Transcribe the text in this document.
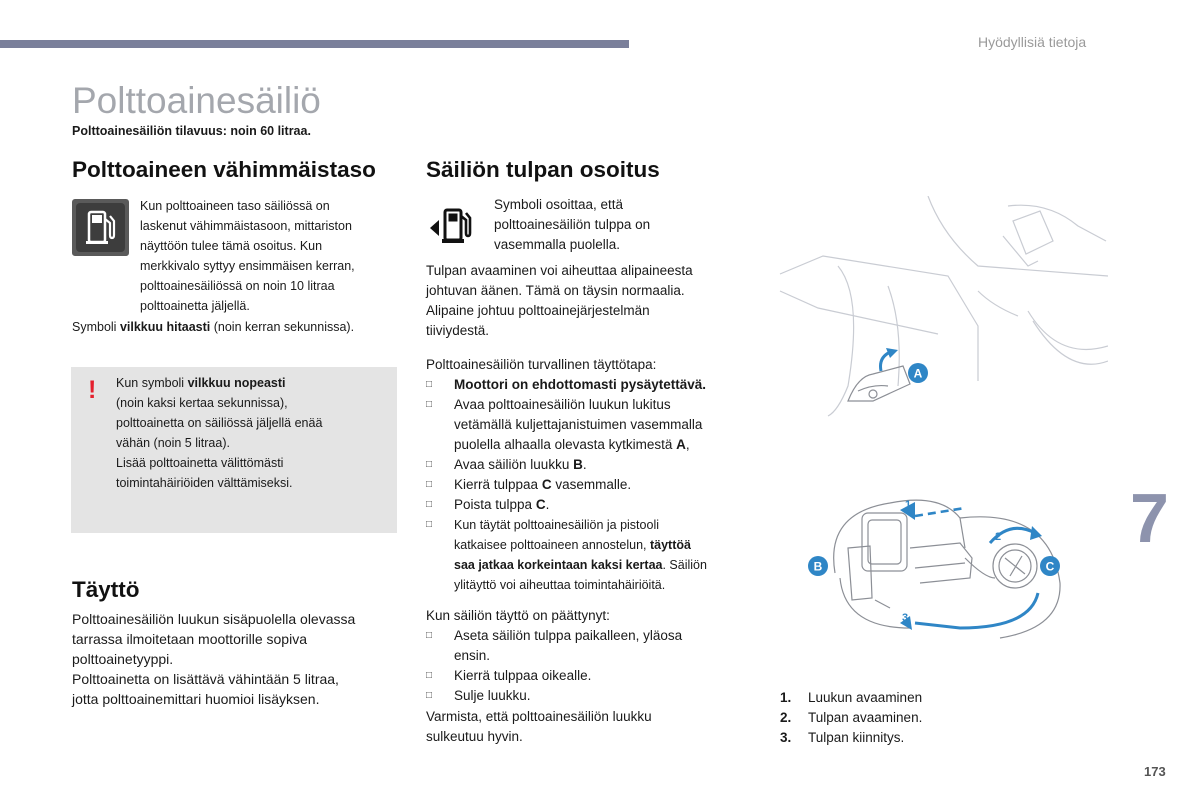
Hyödyllisiä tietoja
Polttoainesäiliö
Polttoainesäiliön tilavuus: noin 60 litraa.
Polttoaineen vähimmäistaso
Kun polttoaineen taso säiliössä on
laskenut vähimmäistasoon, mittariston
näyttöön tulee tämä osoitus. Kun
merkkivalo syttyy ensimmäisen kerran,
polttoainesäiliössä on noin 10 litraa
polttoainetta jäljellä.
Symboli vilkkuu hitaasti (noin kerran sekunnissa).
! Kun symboli vilkkuu nopeasti
(noin kaksi kertaa sekunnissa),
polttoainetta on säiliössä jäljellä enää
vähän (noin 5 litraa).
Lisää polttoainetta välittömästi
toimintahäiriöiden välttämiseksi.
Täyttö
Polttoainesäiliön luukun sisäpuolella olevassa
tarrassa ilmoitetaan moottorille sopiva
polttoainetyyppi.
Polttoainetta on lisättävä vähintään 5 litraa,
jotta polttoainemittari huomioi lisäyksen.
Säiliön tulpan osoitus
Symboli osoittaa, että
polttoainesäiliön tulppa on
vasemmalla puolella.
Tulpan avaaminen voi aiheuttaa alipaineesta
johtuvan äänen. Tämä on täysin normaalia.
Alipaine johtuu polttoainejärjestelmän
tiiviydestä.
Polttoainesäiliön turvallinen täyttötapa:
□ Moottori on ehdottomasti pysäytettävä.
□ Avaa polttoainesäiliön luukun lukitus
vetämällä kuljettajanistuimen vasemmalla
puolella alhaalla olevasta kytkimestä A,
□ Avaa säiliön luukku B.
□ Kierrä tulppaa C vasemmalle.
□ Poista tulppa C.
□ Kun täytät polttoainesäiliön ja pistooli
katkaisee polttoaineen annostelun, täyttöä
saa jatkaa korkeintaan kaksi kertaa. Säiliön
ylitäyttö voi aiheuttaa toimintahäiriöitä.
Kun säiliön täyttö on päättynyt:
□ Aseta säiliön tulppa paikalleen, yläosa
ensin.
□ Kierrä tulppaa oikealle.
□ Sulje luukku.
Varmista, että polttoainesäiliön luukku
sulkeutuu hyvin.
A
1
2
3
B	C
1. Luukun avaaminen
2. Tulpan avaaminen.
3. Tulpan kiinnitys.
7
173
